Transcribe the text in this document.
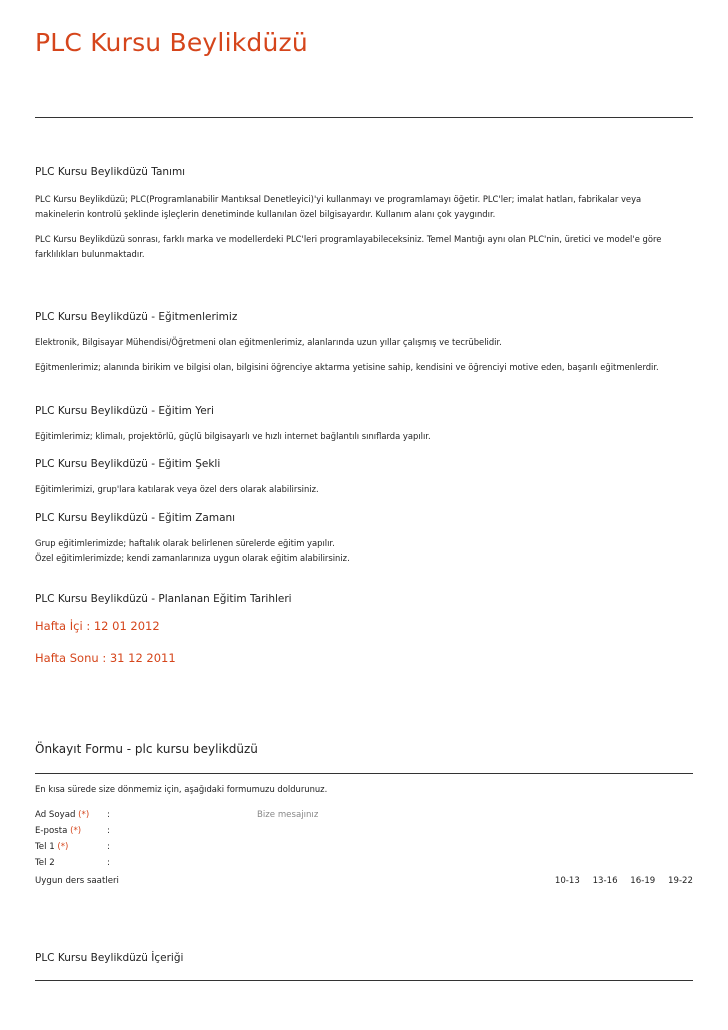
PLC Kursu Beylikdüzü

PLC Kursu Beylikdüzü Tanımı

PLC Kursu Beylikdüzü; PLC(Programlanabilir Mantıksal Denetleyici)'yi kullanmayı ve programlamayı öğetir. PLC'ler; imalat hatları, fabrikalar veya makinelerin kontrolü şeklinde işleçlerin denetiminde kullanılan özel bilgisayardır. Kullanım alanı çok yaygındır.

PLC Kursu Beylikdüzü sonrası, farklı marka ve modellerdeki PLC'leri programlayabileceksiniz. Temel Mantığı aynı olan PLC'nin, üretici ve model'e göre farklılıkları bulunmaktadır.

PLC Kursu Beylikdüzü - Eğitmenlerimiz

Elektronik, Bilgisayar Mühendisi/Öğretmeni olan eğitmenlerimiz, alanlarında uzun yıllar çalışmış ve tecrübelidir.

Eğitmenlerimiz; alanında birikim ve bilgisi olan, bilgisini öğrenciye aktarma yetisine sahip, kendisini ve öğrenciyi motive eden, başarılı eğitmenlerdir.

PLC Kursu Beylikdüzü - Eğitim Yeri

Eğitimlerimiz; klimalı, projektörlü, güçlü bilgisayarlı ve hızlı internet bağlantılı sınıflarda yapılır.

PLC Kursu Beylikdüzü - Eğitim Şekli

Eğitimlerimizi, grup'lara katılarak veya özel ders olarak alabilirsiniz.

PLC Kursu Beylikdüzü - Eğitim Zamanı

Grup eğitimlerimizde; haftalık olarak belirlenen sürelerde eğitim yapılır.

Özel eğitimlerimizde; kendi zamanlarınıza uygun olarak eğitim alabilirsiniz.

PLC Kursu Beylikdüzü - Planlanan Eğitim Tarihleri

Hafta İçi : 12 01 2012

Hafta Sonu : 31 12 2011

Önkayıt Formu - plc kursu beylikdüzü

En kısa sürede size dönmemiz için, aşağıdaki formumuzu doldurunuz.

Ad Soyad (*) :
E-posta (*)	:
Tel 1 (*)	:
Tel 2	:
Bize mesajınız
Uygun ders saatleri	10-13 13-16 16-19 19-22

PLC Kursu Beylikdüzü İçeriği
